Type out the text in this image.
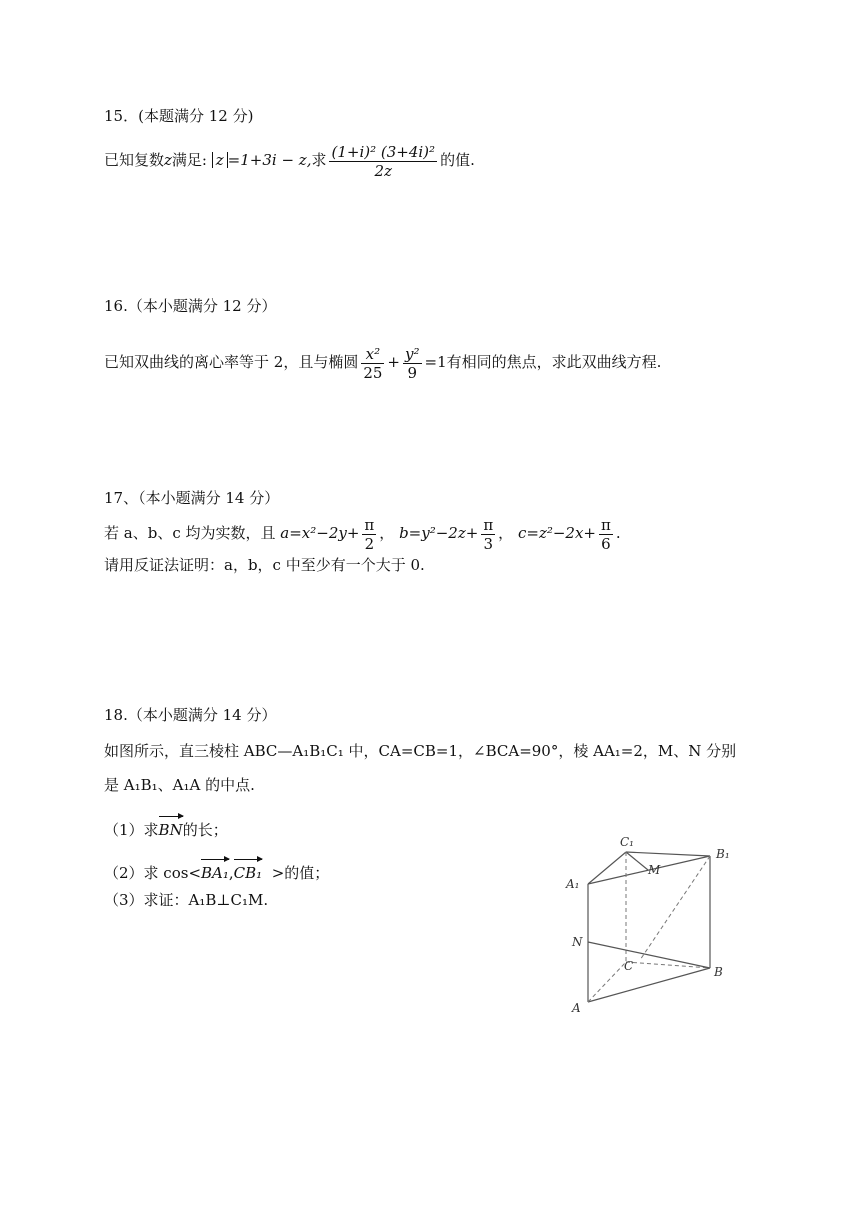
15．(本题满分 12 分)
已知复数z满足: z =1+3i − z,求 $\frac{\text{(1+i)² (3+4i)²}}{2z}$ 的值.
16.（本小题满分 12 分）
已知双曲线的离心率等于 2，且与椭圆 $\frac{\text{x²}}{25} + \frac{\text{y²}}{9} =1$有相同的焦点，求此双曲线方程.
17、（本小题满分 14 分）
若 a、b、c 均为实数，且 $a=x^2-2y+ \frac{\pi}{2}$ ， $b=y^2-2z+ \frac{\pi}{3}$ ， $c=z^2-2x+ \frac{\pi}{6}$ .
请用反证法证明：a，b，c 中至少有一个大于 0.
18.（本小题满分 14 分）
如图所示，直三棱柱 ABC—A₁B₁C₁ 中，CA=CB=1，∠BCA=90°，棱 AA₁=2，M、N 分别
是 A₁B₁、A₁A 的中点.
（1）求BN的长；
（2）求 cos<BA₁,CB₁ >的值；
（3）求证：A₁B⊥C₁M.
C₁
B₁
A₁
M
N
C	B
A
